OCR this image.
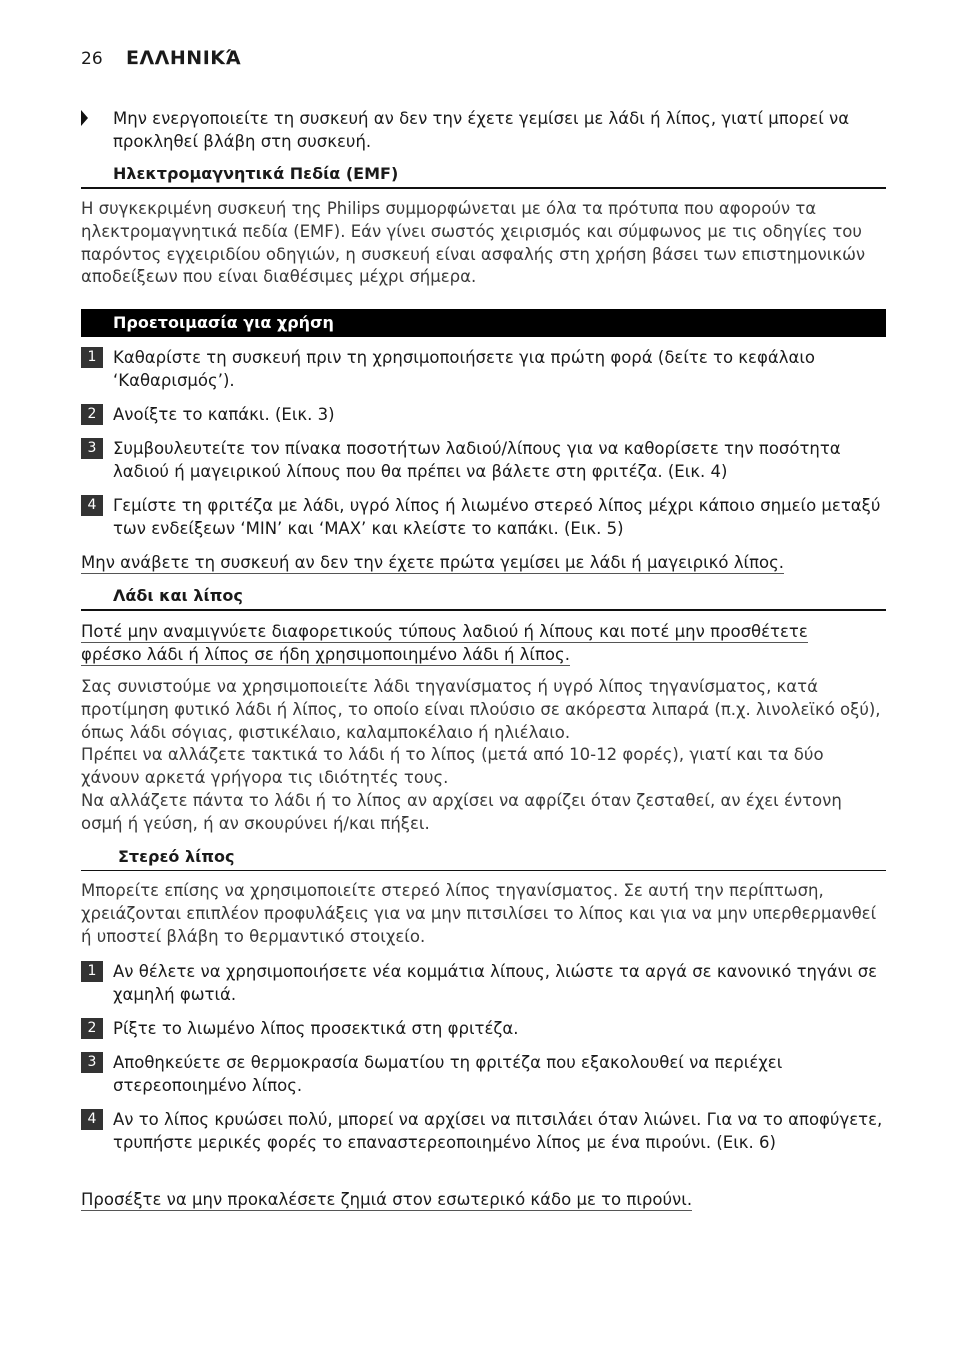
26 ΕΛΛΗΝΙΚΆ
Μην ενεργοποιείτε τη συσκευή αν δεν την έχετε γεμίσει με λάδι ή λίπος, γιατί μπορεί να προκληθεί βλάβη στη συσκευή.
Ηλεκτρομαγνητικά Πεδία (EMF)
Η συγκεκριμένη συσκευή της Philips συμμορφώνεται με όλα τα πρότυπα που αφορούν τα ηλεκτρομαγνητικά πεδία (EMF). Εάν γίνει σωστός χειρισμός και σύμφωνος με τις οδηγίες του παρόντος εγχειριδίου οδηγιών, η συσκευή είναι ασφαλής στη χρήση βάσει των επιστημονικών αποδείξεων που είναι διαθέσιμες μέχρι σήμερα.
Προετοιμασία για χρήση
1	Καθαρίστε τη συσκευή πριν τη χρησιμοποιήσετε για πρώτη φορά (δείτε το κεφάλαιο ‘Καθαρισμός’).
2	Ανοίξτε το καπάκι. (Εικ. 3)
3	Συμβουλευτείτε τον πίνακα ποσοτήτων λαδιού/λίπους για να καθορίσετε την ποσότητα λαδιού ή μαγειρικού λίπους που θα πρέπει να βάλετε στη φριτέζα. (Εικ. 4)
4	Γεμίστε τη φριτέζα με λάδι, υγρό λίπος ή λιωμένο στερεό λίπος μέχρι κάποιο σημείο μεταξύ των ενδείξεων ‘MIN’ και ‘MAX’ και κλείστε το καπάκι. (Εικ. 5)
Μην ανάβετε τη συσκευή αν δεν την έχετε πρώτα γεμίσει με λάδι ή μαγειρικό λίπος.
Λάδι και λίπος
Ποτέ μην αναμιγνύετε διαφορετικούς τύπους λαδιού ή λίπους και ποτέ μην προσθέτετε
φρέσκο λάδι ή λίπος σε ήδη χρησιμοποιημένο λάδι ή λίπος.
Σας συνιστούμε να χρησιμοποιείτε λάδι τηγανίσματος ή υγρό λίπος τηγανίσματος, κατά προτίμηση φυτικό λάδι ή λίπος, το οποίο είναι πλούσιο σε ακόρεστα λιπαρά (π.χ. λινολεϊκό οξύ), όπως λάδι σόγιας, φιστικέλαιο, καλαμποκέλαιο ή ηλιέλαιο.
Πρέπει να αλλάζετε τακτικά το λάδι ή το λίπος (μετά από 10-12 φορές), γιατί και τα δύο χάνουν αρκετά γρήγορα τις ιδιότητές τους.
Να αλλάζετε πάντα το λάδι ή το λίπος αν αρχίσει να αφρίζει όταν ζεσταθεί, αν έχει έντονη οσμή ή γεύση, ή αν σκουρύνει ή/και πήξει.
Στερεό λίπος
Μπορείτε επίσης να χρησιμοποιείτε στερεό λίπος τηγανίσματος. Σε αυτή την περίπτωση, χρειάζονται επιπλέον προφυλάξεις για να μην πιτσιλίσει το λίπος και για να μην υπερθερμανθεί ή υποστεί βλάβη το θερμαντικό στοιχείο.
1	Αν θέλετε να χρησιμοποιήσετε νέα κομμάτια λίπους, λιώστε τα αργά σε κανονικό τηγάνι σε χαμηλή φωτιά.
2	Ρίξτε το λιωμένο λίπος προσεκτικά στη φριτέζα.
3	Αποθηκεύετε σε θερμοκρασία δωματίου τη φριτέζα που εξακολουθεί να περιέχει στερεοποιημένο λίπος.
4	Αν το λίπος κρυώσει πολύ, μπορεί να αρχίσει να πιτσιλάει όταν λιώνει. Για να το αποφύγετε, τρυπήστε μερικές φορές το επαναστερεοποιημένο λίπος με ένα πιρούνι. (Εικ. 6)
Προσέξτε να μην προκαλέσετε ζημιά στον εσωτερικό κάδο με το πιρούνι.
